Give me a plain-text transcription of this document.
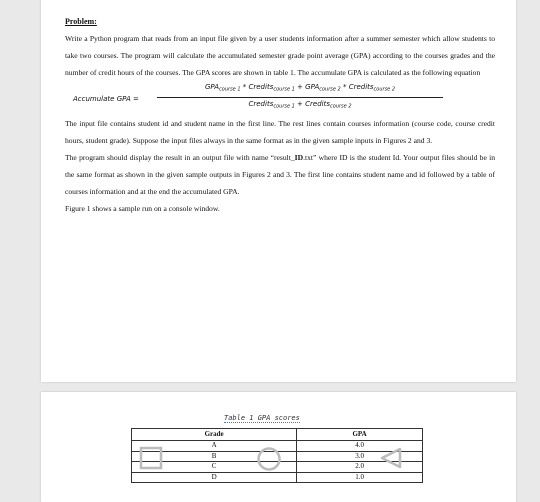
Problem:

Write a Python program that reads from an input file given by a user students information after a summer semester which allow students to take two courses. The program will calculate the accumulated semester grade point average (GPA) according to the courses grades and the number of credit hours of the courses. The GPA scores are shown in table 1. The accumulate GPA is calculated as the following equation

Accumulate GPA =
$GPA_{course 1}$ * Credits$_{course 1}$ + $GPA_{course 2}$ * Credits$_{course 2}$
Credits$_{course 1}$ + Credits$_{course 2}$

The input file contains student id and student name in the first line. The rest lines contain courses information (course code, course credit hours, student grade). Suppose the input files always in the same format as in the given sample inputs in Figures 2 and 3.

The program should display the result in an output file with name “result_ID.txt” where ID is the student Id. Your output files should be in the same format as shown in the given sample outputs in Figures 2 and 3. The first line contains student name and id followed by a table of courses information and at the end the accumulated GPA.

Figure 1 shows a sample run on a console window.

Table 1 GPA scores
Grade	GPA
A	4.0
B	3.0
C	2.0
D	1.0
